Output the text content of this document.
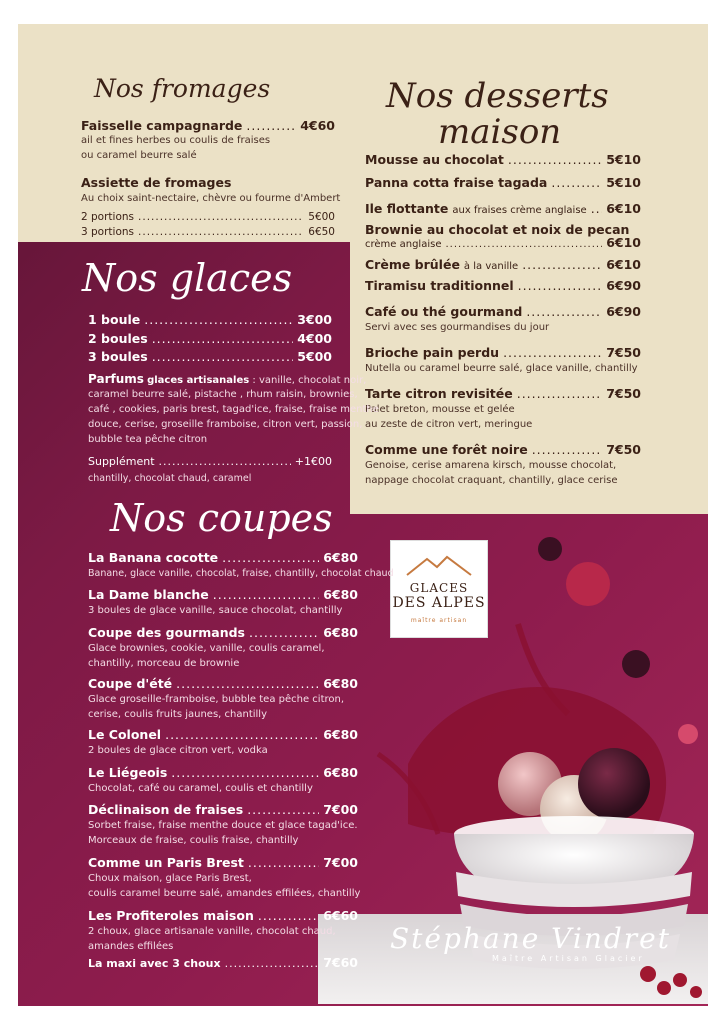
GLACES
DES ALPES
maître artisan
Nos fromages
Faisselle campagnarde .....	4€60
ail et fines herbes ou coulis de fraises
ou caramel beurre salé
Assiette de fromages
Au choix saint-nectaire, chèvre ou fourme d'Ambert
2 portions .....	5€00
3 portions .....	6€50
Nos desserts
maison
Mousse au chocolat .....	5€10
Panna cotta fraise tagada .....	5€10
Ile flottante aux fraises crème anglaise ..... 6€10
Brownie au chocolat et noix de pecan
crème anglaise .....	6€10
Crème brûlée à la vanille .....	6€10
Tiramisu traditionnel .....	6€90
Café ou thé gourmand .....	6€90
Servi avec ses gourmandises du jour
Brioche pain perdu .....	7€50
Nutella ou caramel beurre salé, glace vanille, chantilly
Tarte citron revisitée .....	7€50
Palet breton, mousse et gelée
au zeste de citron vert, meringue
Comme une forêt noire .....	7€50
Genoise, cerise amarena kirsch, mousse chocolat,
nappage chocolat craquant, chantilly, glace cerise
Nos glaces
1 boule .....	3€00
2 boules .....	4€00
3 boules .....	5€00
Parfums glaces artisanales : vanille, chocolat noir,
caramel beurre salé, pistache , rhum raisin, brownies,
café , cookies, paris brest, tagad'ice, fraise, fraise menthe
douce, cerise, groseille framboise, citron vert, passion,
bubble tea pêche citron
Supplément .....	+1€00
chantilly, chocolat chaud, caramel
Nos coupes
La Banana cocotte .....	6€80
Banane, glace vanille, chocolat, fraise, chantilly, chocolat chaud
La Dame blanche .....	6€80
3 boules de glace vanille, sauce chocolat, chantilly
Coupe des gourmands .....	6€80
Glace brownies, cookie, vanille, coulis caramel,
chantilly, morceau de brownie
Coupe d'été .....	6€80
Glace groseille-framboise, bubble tea pêche citron,
cerise, coulis fruits jaunes, chantilly
Le Colonel .....	6€80
2 boules de glace citron vert, vodka
Le Liégeois .....	6€80
Chocolat, café ou caramel, coulis et chantilly
Déclinaison de fraises .....	7€00
Sorbet fraise, fraise menthe douce et glace tagad'ice.
Morceaux de fraise, coulis fraise, chantilly
Comme un Paris Brest .....	7€00
Choux maison, glace Paris Brest,
coulis caramel beurre salé, amandes effilées, chantilly
Les Profiteroles maison .....	6€60
2 choux, glace artisanale vanille, chocolat chaud,
amandes effilées
La maxi avec 3 choux .....	7€60
Stéphane Vindret
Maître Artisan Glacier
